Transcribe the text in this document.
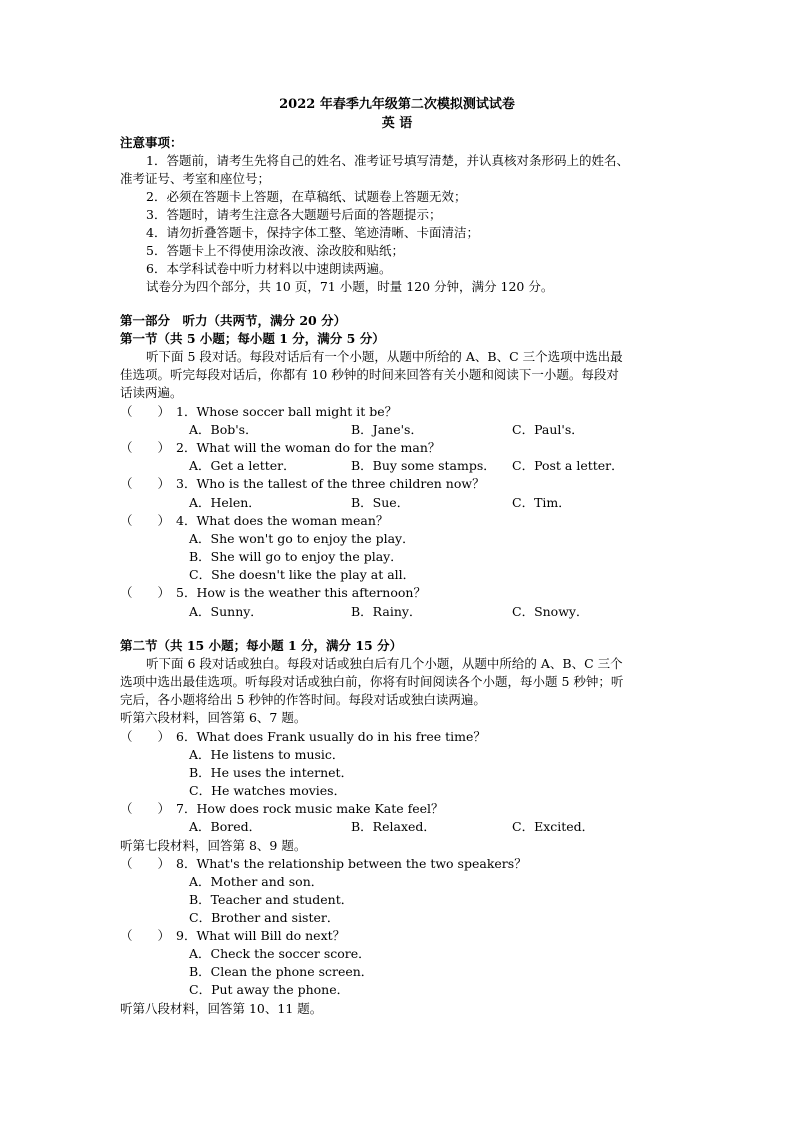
2022 年春季九年级第二次模拟测试试卷
英 语
注意事项：
1．答题前，请考生先将自己的姓名、准考证号填写清楚，并认真核对条形码上的姓名、
准考证号、考室和座位号；
2．必须在答题卡上答题，在草稿纸、试题卷上答题无效；
3．答题时，请考生注意各大题题号后面的答题提示；
4．请勿折叠答题卡，保持字体工整、笔迹清晰、卡面清洁；
5．答题卡上不得使用涂改液、涂改胶和贴纸；
6．本学科试卷中听力材料以中速朗读两遍。
试卷分为四个部分，共 10 页，71 小题，时量 120 分钟，满分 120 分。
第一部分　听力（共两节，满分 20 分）
第一节（共 5 小题；每小题 1 分，满分 5 分）
听下面 5 段对话。每段对话后有一个小题，从题中所给的 A、B、C 三个选项中选出最
佳选项。听完每段对话后，你都有 10 秒钟的时间来回答有关小题和阅读下一小题。每段对
话读两遍。
（　　） 1．Whose soccer ball might it be？
A．Bob's．	B．Jane's．	C．Paul's．
（　　） 2．What will the woman do for the man？
A．Get a letter．	B．Buy some stamps． C．Post a letter．
（　　） 3．Who is the tallest of the three children now？
A．Helen．	B．Sue．	C．Tim．
（　　） 4．What does the woman mean？
A．She won't go to enjoy the play．
B．She will go to enjoy the play．
C．She doesn't like the play at all．
（　　） 5．How is the weather this afternoon？
A．Sunny．	B．Rainy．	C．Snowy．
第二节（共 15 小题；每小题 1 分，满分 15 分）
听下面 6 段对话或独白。每段对话或独白后有几个小题，从题中所给的 A、B、C 三个
选项中选出最佳选项。听每段对话或独白前，你将有时间阅读各个小题，每小题 5 秒钟；听
完后，各小题将给出 5 秒钟的作答时间。每段对话或独白读两遍。
听第六段材料，回答第 6、7 题。
（　　） 6．What does Frank usually do in his free time？
A．He listens to music．
B．He uses the internet．
C．He watches movies．
（　　） 7．How does rock music make Kate feel？
A．Bored．	B．Relaxed．	C．Excited．
听第七段材料，回答第 8、9 题。
（　　） 8．What's the relationship between the two speakers？
A．Mother and son．
B．Teacher and student．
C．Brother and sister．
（　　） 9．What will Bill do next？
A．Check the soccer score．
B．Clean the phone screen．
C．Put away the phone．
听第八段材料，回答第 10、11 题。
